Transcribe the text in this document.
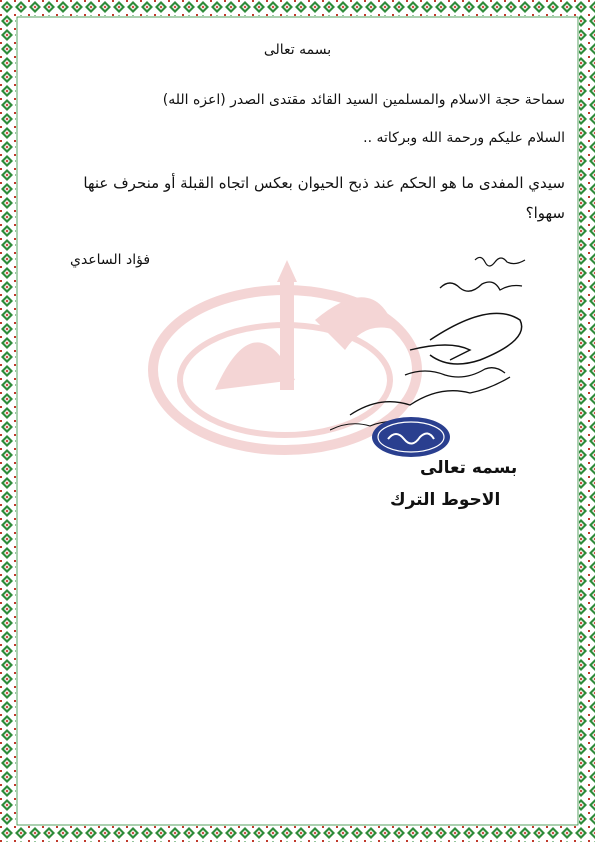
بسمه تعالى
سماحة حجة الاسلام والمسلمين السيد القائد مقتدى الصدر (اعزه الله)
السلام عليكم ورحمة الله وبركاته ..
سيدي المفدى ما هو الحكم عند ذبح الحيوان بعكس اتجاه القبلة أو منحرف عنها
سهوا؟
فؤاد الساعدي
بسمه تعالى
الاحوط الترك
